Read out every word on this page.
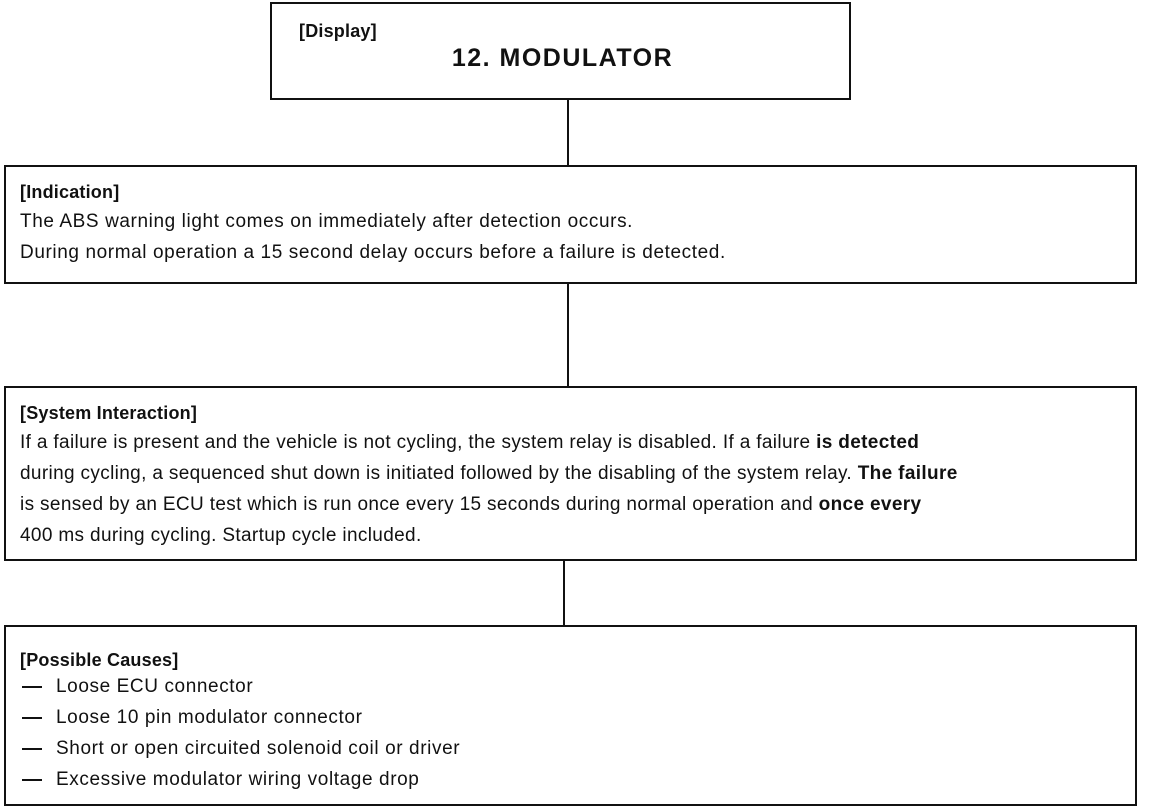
[Display]
12. MODULATOR
[Indication]
The ABS warning light comes on immediately after detection occurs.
During normal operation a 15 second delay occurs before a failure is detected.
[System Interaction]
If a failure is present and the vehicle is not cycling, the system relay is disabled. If a failure is detected
during cycling, a sequenced shut down is initiated followed by the disabling of the system relay. The failure
is sensed by an ECU test which is run once every 15 seconds during normal operation and once every
400 ms during cycling. Startup cycle included.
[Possible Causes]
Loose ECU connector
Loose 10 pin modulator connector
Short or open circuited solenoid coil or driver
Excessive modulator wiring voltage drop
